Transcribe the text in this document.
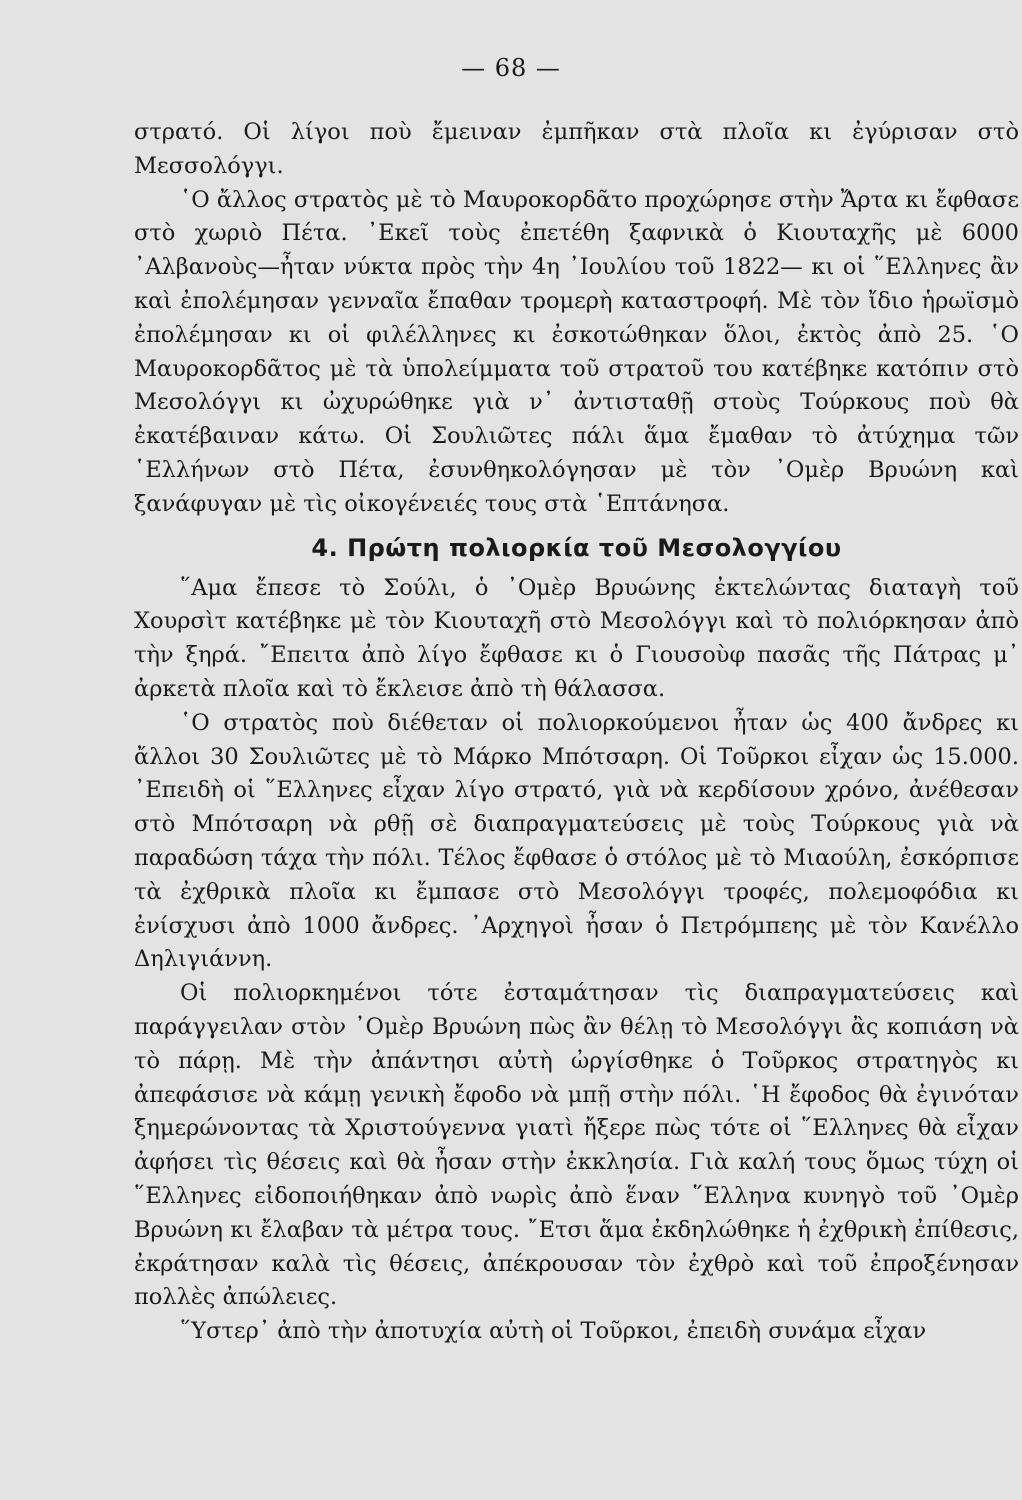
— 68 —

στρατό. Οἱ λίγοι ποὺ ἔμειναν ἐμπῆκαν στὰ πλοῖα κι ἐγύρισαν στὸ Μεσσολόγγι.

῾Ο ἄλλος στρατὸς μὲ τὸ Μαυροκορδᾶτο προχώρησε στὴν Ἄρτα κι ἔφθασε στὸ χωριὸ Πέτα. ᾿Εκεῖ τοὺς ἐπετέθη ξαφνικὰ ὁ Κιουταχῆς μὲ 6000 ᾿Αλβανοὺς—ἦταν νύκτα πρὸς τὴν 4η ᾿Ιουλίου τοῦ 1822— κι οἱ ῞Ελληνες ἂν καὶ ἐπολέμησαν γενναῖα ἔπαθαν τρομερὴ καταστροφή. Μὲ τὸν ἴδιο ἡρωϊσμὸ ἐπολέμησαν κι οἱ φιλέλληνες κι ἐσκοτώθηκαν ὅλοι, ἐκτὸς ἀπὸ 25. ῾Ο Μαυροκορδᾶτος μὲ τὰ ὑπολείμματα τοῦ στρατοῦ του κατέβηκε κατόπιν στὸ Μεσολόγγι κι ὠχυρώθηκε γιὰ ν᾿ ἀντισταθῇ στοὺς Τούρκους ποὺ θὰ ἐκατέβαιναν κάτω. Οἱ Σουλιῶτες πάλι ἅμα ἔμαθαν τὸ ἀτύχημα τῶν ῾Ελλήνων στὸ Πέτα, ἐσυνθηκολόγησαν μὲ τὸν ᾿Ομὲρ Βρυώνη καὶ ξανάφυγαν μὲ τὶς οἰκογένειές τους στὰ ῾Επτάνησα.

4. Πρώτη πολιορκία τοῦ Μεσολογγίου

῞Αμα ἔπεσε τὸ Σούλι, ὁ ᾿Ομὲρ Βρυώνης ἐκτελώντας διαταγὴ τοῦ Χουρσὶτ κατέβηκε μὲ τὸν Κιουταχῆ στὸ Μεσολόγγι καὶ τὸ πολιόρκησαν ἀπὸ τὴν ξηρά. ῎Επειτα ἀπὸ λίγο ἔφθασε κι ὁ Γιουσοὺφ πασᾶς τῆς Πάτρας μ᾿ ἀρκετὰ πλοῖα καὶ τὸ ἔκλεισε ἀπὸ τὴ θάλασσα.

῾Ο στρατὸς ποὺ διέθεταν οἱ πολιορκούμενοι ἦταν ὡς 400 ἄνδρες κι ἄλλοι 30 Σουλιῶτες μὲ τὸ Μάρκο Μπότσαρη. Οἱ Τοῦρκοι εἶχαν ὡς 15.000. ᾿Επειδὴ οἱ ῞Ελληνες εἶχαν λίγο στρατό, γιὰ νὰ κερδίσουν χρόνο, ἀνέθεσαν στὸ Μπότσαρη νὰ ρθῇ σὲ διαπραγματεύσεις μὲ τοὺς Τούρκους γιὰ νὰ παραδώση τάχα τὴν πόλι. Τέλος ἔφθασε ὁ στόλος μὲ τὸ Μιαούλη, ἐσκόρπισε τὰ ἐχθρικὰ πλοῖα κι ἔμπασε στὸ Μεσολόγγι τροφές, πολεμοφόδια κι ἐνίσχυσι ἀπὸ 1000 ἄνδρες. ᾿Αρχηγοὶ ἦσαν ὁ Πετρόμπεης μὲ τὸν Κανέλλο Δηλιγιάννη.

Οἱ πολιορκημένοι τότε ἐσταμάτησαν τὶς διαπραγματεύσεις καὶ παράγγειλαν στὸν ᾿Ομὲρ Βρυώνη πὼς ἂν θέλῃ τὸ Μεσολόγγι ἂς κοπιάση νὰ τὸ πάρῃ. Μὲ τὴν ἀπάντησι αὐτὴ ὠργίσθηκε ὁ Τοῦρκος στρατηγὸς κι ἀπεφάσισε νὰ κάμῃ γενικὴ ἔφοδο νὰ μπῇ στὴν πόλι. ῾Η ἔφοδος θὰ ἐγινόταν ξημερώνοντας τὰ Χριστούγεννα γιατὶ ἤξερε πὼς τότε οἱ ῞Ελληνες θὰ εἶχαν ἀφήσει τὶς θέσεις καὶ θὰ ἦσαν στὴν ἐκκλησία. Γιὰ καλή τους ὅμως τύχη οἱ ῞Ελληνες εἰδοποιήθηκαν ἀπὸ νωρὶς ἀπὸ ἕναν ῞Ελληνα κυνηγὸ τοῦ ᾿Ομὲρ Βρυώνη κι ἔλαβαν τὰ μέτρα τους. ῎Ετσι ἅμα ἐκδηλώθηκε ἡ ἐχθρικὴ ἐπίθεσις, ἐκράτησαν καλὰ τὶς θέσεις, ἀπέκρουσαν τὸν ἐχθρὸ καὶ τοῦ ἐπροξένησαν πολλὲς ἀπώλειες.

῞Υστερ᾿ ἀπὸ τὴν ἀποτυχία αὐτὴ οἱ Τοῦρκοι, ἐπειδὴ συνάμα εἶχαν
